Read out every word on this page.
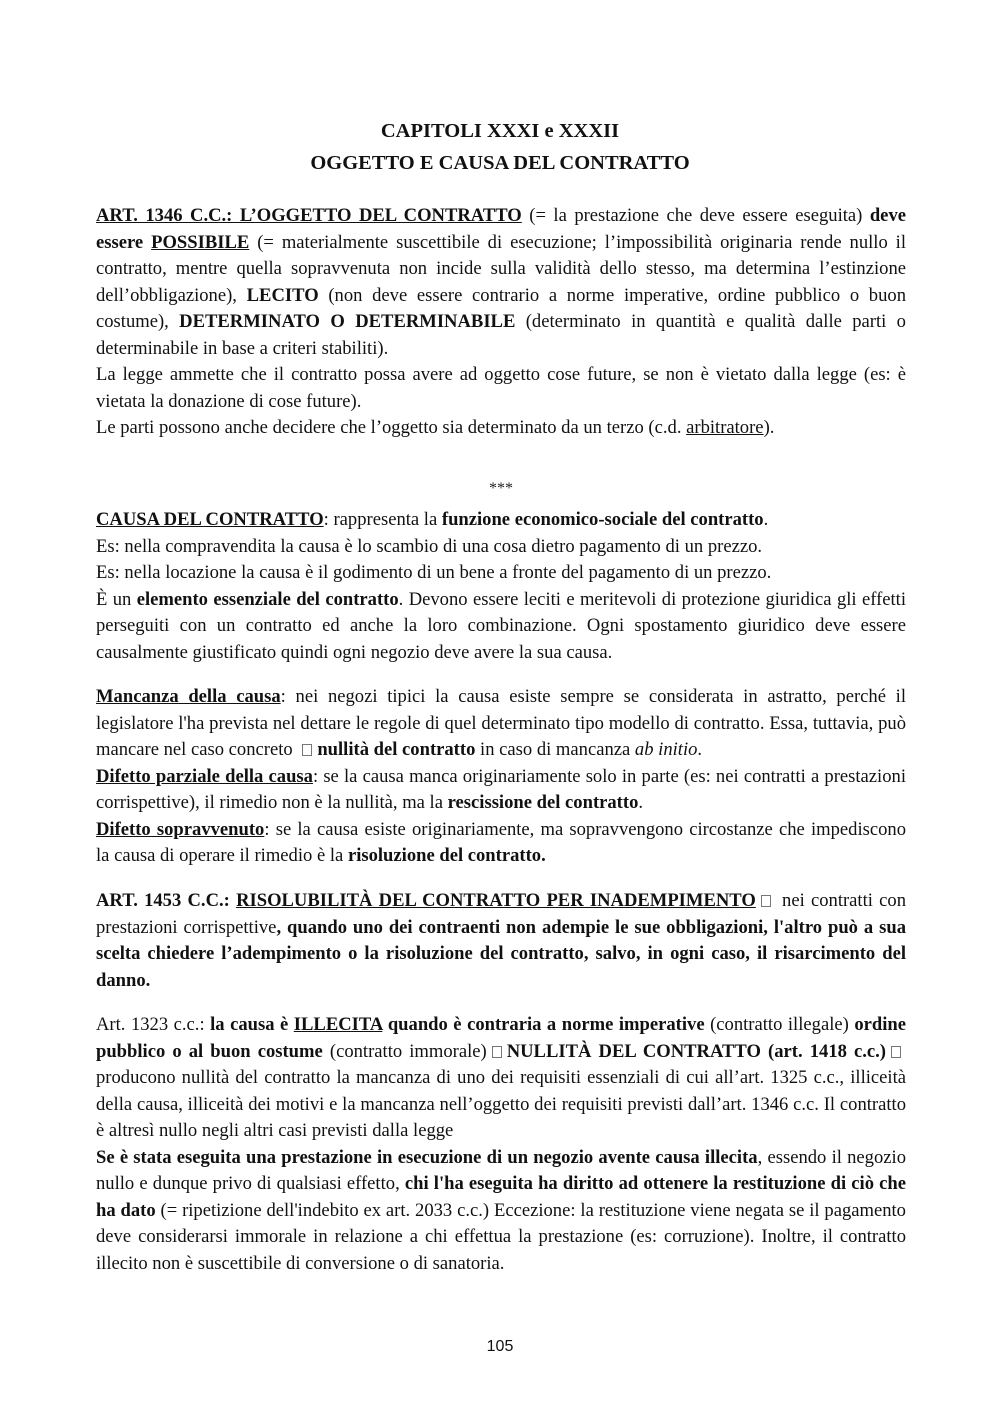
CAPITOLI XXXI e XXXII
OGGETTO E CAUSA DEL CONTRATTO

ART. 1346 C.C.: L’OGGETTO DEL CONTRATTO (= la prestazione che deve essere eseguita) deve essere POSSIBILE (= materialmente suscettibile di esecuzione; l’impossibilità originaria rende nullo il contratto, mentre quella sopravvenuta non incide sulla validità dello stesso, ma determina l’estinzione dell’obbligazione), LECITO (non deve essere contrario a norme imperative, ordine pubblico o buon costume), DETERMINATO O DETERMINABILE (determinato in quantità e qualità dalle parti o determinabile in base a criteri stabiliti).

La legge ammette che il contratto possa avere ad oggetto cose future, se non è vietato dalla legge (es: è vietata la donazione di cose future).

Le parti possono anche decidere che l’oggetto sia determinato da un terzo (c.d. arbitratore).

***

CAUSA DEL CONTRATTO: rappresenta la funzione economico-sociale del contratto.

Es: nella compravendita la causa è lo scambio di una cosa dietro pagamento di un prezzo.

Es: nella locazione la causa è il godimento di un bene a fronte del pagamento di un prezzo.

È un elemento essenziale del contratto. Devono essere leciti e meritevoli di protezione giuridica gli effetti perseguiti con un contratto ed anche la loro combinazione. Ogni spostamento giuridico deve essere causalmente giustificato quindi ogni negozio deve avere la sua causa.

Mancanza della causa: nei negozi tipici la causa esiste sempre se considerata in astratto, perché il legislatore l'ha prevista nel dettare le regole di quel determinato tipo modello di contratto. Essa, tuttavia, può mancare nel caso concreto nullità del contratto in caso di mancanza ab initio.

Difetto parziale della causa: se la causa manca originariamente solo in parte (es: nei contratti a prestazioni corrispettive), il rimedio non è la nullità, ma la rescissione del contratto.

Difetto sopravvenuto: se la causa esiste originariamente, ma sopravvengono circostanze che impediscono la causa di operare il rimedio è la risoluzione del contratto.

ART. 1453 C.C.: RISOLUBILITÀ DEL CONTRATTO PER INADEMPIMENTO nei contratti con prestazioni corrispettive, quando uno dei contraenti non adempie le sue obbligazioni, l'altro può a sua scelta chiedere l’adempimento o la risoluzione del contratto, salvo, in ogni caso, il risarcimento del danno.

Art. 1323 c.c.: la causa è ILLECITA quando è contraria a norme imperative (contratto illegale) ordine pubblico o al buon costume (contratto immorale) NULLITÀ DEL CONTRATTO (art. 1418 c.c.)producono nullità del contratto la mancanza di uno dei requisiti essenziali di cui all’art. 1325 c.c., illiceità della causa, illiceità dei motivi e la mancanza nell’oggetto dei requisiti previsti dall’art. 1346 c.c. Il contratto è altresì nullo negli altri casi previsti dalla legge

Se è stata eseguita una prestazione in esecuzione di un negozio avente causa illecita, essendo il negozio nullo e dunque privo di qualsiasi effetto, chi l'ha eseguita ha diritto ad ottenere la restituzione di ciò che ha dato (= ripetizione dell'indebito ex art. 2033 c.c.) Eccezione: la restituzione viene negata se il pagamento deve considerarsi immorale in relazione a chi effettua la prestazione (es: corruzione). Inoltre, il contratto illecito non è suscettibile di conversione o di sanatoria.

105
